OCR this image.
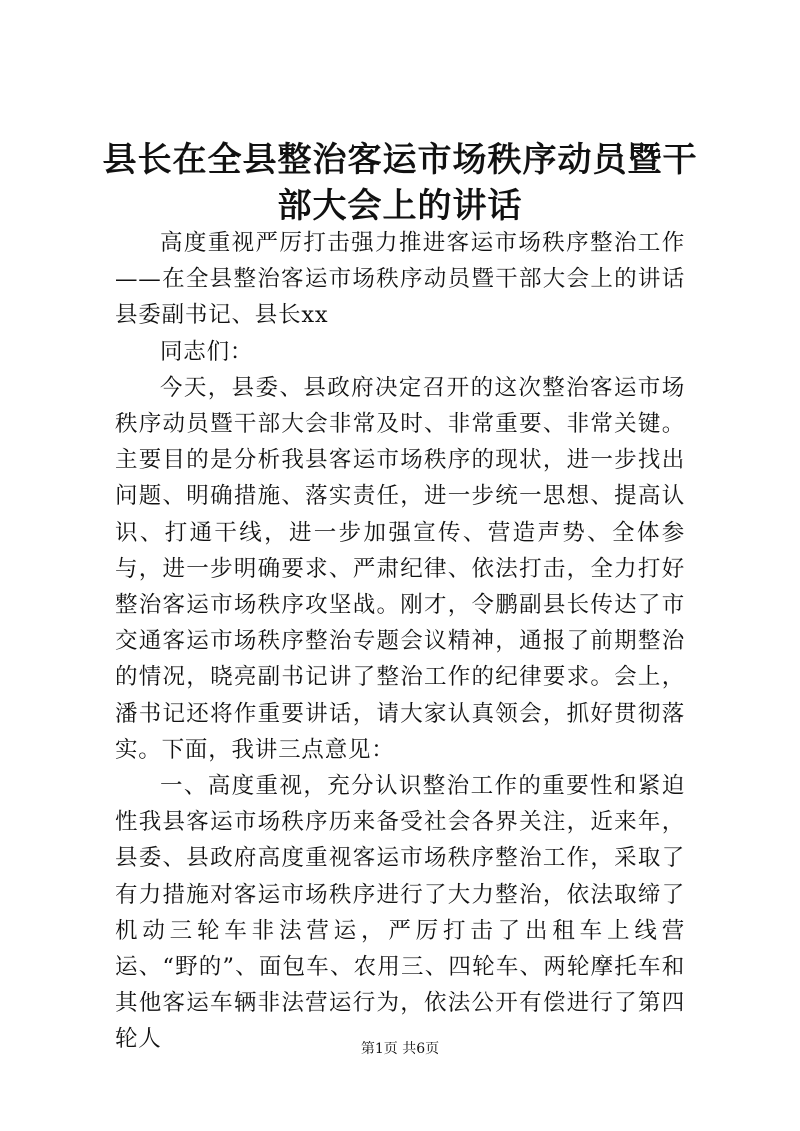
县长在全县整治客运市场秩序动员暨干部大会上的讲话

高度重视严厉打击强力推进客运市场秩序整治工作——在全县整治客运市场秩序动员暨干部大会上的讲话县委副书记、县长xx

同志们：

今天，县委、县政府决定召开的这次整治客运市场秩序动员暨干部大会非常及时、非常重要、非常关键。主要目的是分析我县客运市场秩序的现状，进一步找出问题、明确措施、落实责任，进一步统一思想、提高认识、打通干线，进一步加强宣传、营造声势、全体参与，进一步明确要求、严肃纪律、依法打击，全力打好整治客运市场秩序攻坚战。刚才，令鹏副县长传达了市交通客运市场秩序整治专题会议精神，通报了前期整治的情况，晓亮副书记讲了整治工作的纪律要求。会上，潘书记还将作重要讲话，请大家认真领会，抓好贯彻落实。下面，我讲三点意见：

一、高度重视，充分认识整治工作的重要性和紧迫性我县客运市场秩序历来备受社会各界关注，近来年，县委、县政府高度重视客运市场秩序整治工作，采取了有力措施对客运市场秩序进行了大力整治，依法取缔了机动三轮车非法营运，严厉打击了出租车上线营运、“野的”、面包车、农用三、四轮车、两轮摩托车和其他客运车辆非法营运行为，依法公开有偿进行了第四轮人	第1页 共6页
